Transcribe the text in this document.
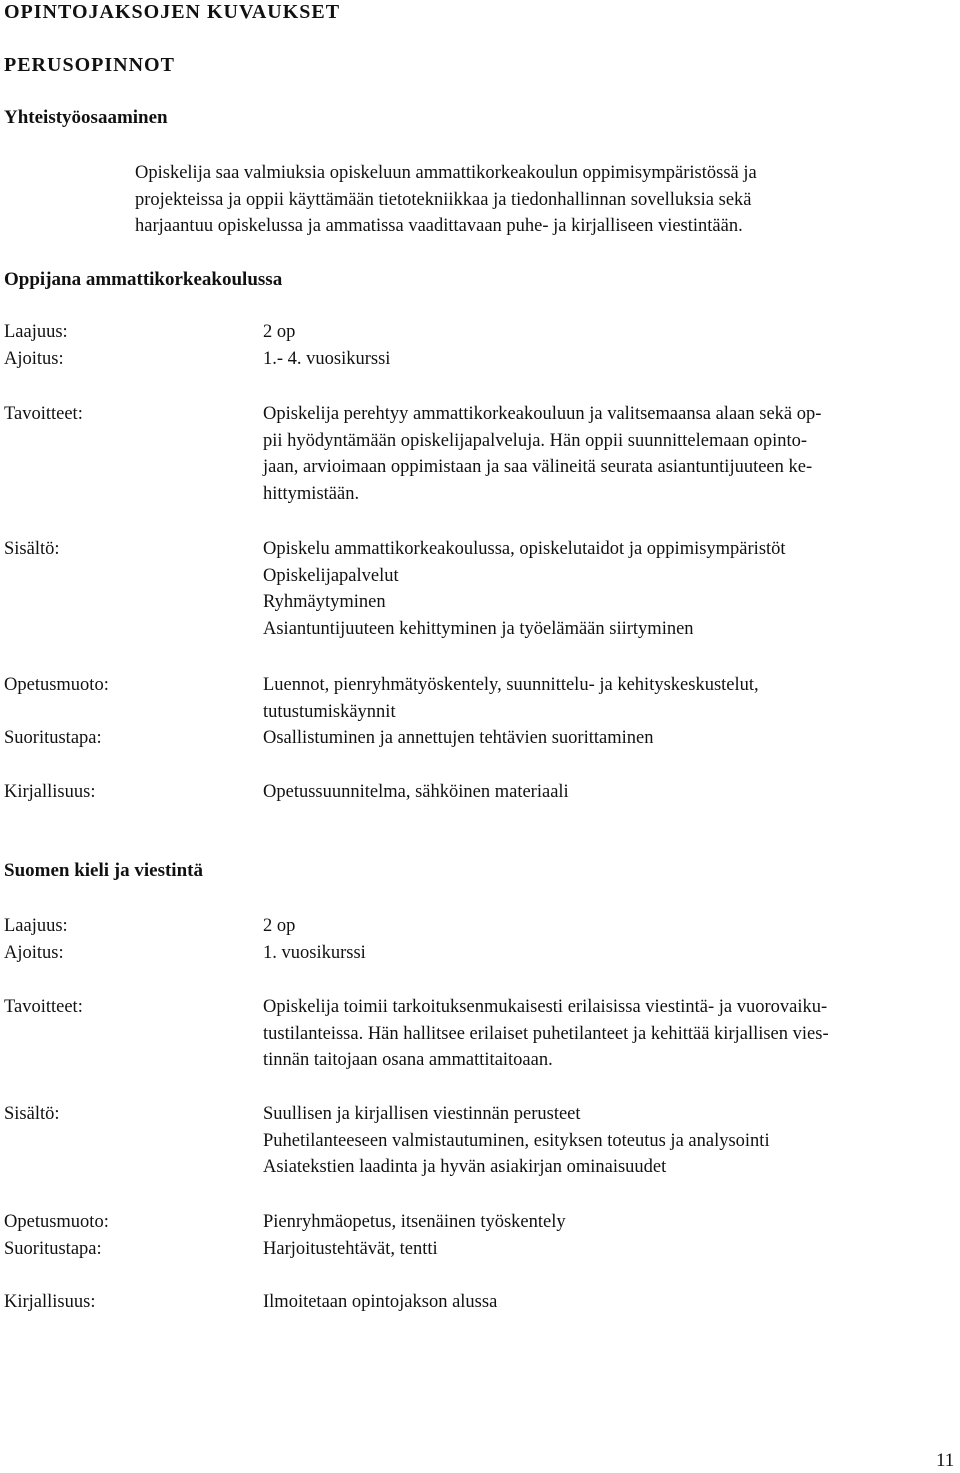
OPINTOJAKSOJEN KUVAUKSET
PERUSOPINNOT
Yhteistyöosaaminen
Opiskelija saa valmiuksia opiskeluun ammattikorkeakoulun oppimisympäristössä ja
projekteissa ja oppii käyttämään tietotekniikkaa ja tiedonhallinnan sovelluksia sekä
harjaantuu opiskelussa ja ammatissa vaadittavaan puhe- ja kirjalliseen viestintään.
Oppijana ammattikorkeakoulussa
Laajuus:	2 op
Ajoitus:	1.- 4. vuosikurssi
Tavoitteet:	Opiskelija perehtyy ammattikorkeakouluun ja valitsemaansa alaan sekä op-
pii hyödyntämään opiskelijapalveluja. Hän oppii suunnittelemaan opinto-
jaan, arvioimaan oppimistaan ja saa välineitä seurata asiantuntijuuteen ke-
hittymistään.
Sisältö:	Opiskelu ammattikorkeakoulussa, opiskelutaidot ja oppimisympäristöt
Opiskelijapalvelut
Ryhmäytyminen
Asiantuntijuuteen kehittyminen ja työelämään siirtyminen
Opetusmuoto:	Luennot, pienryhmätyöskentely, suunnittelu- ja kehityskeskustelut,
tutustumiskäynnit
Suoritustapa:	Osallistuminen ja annettujen tehtävien suorittaminen
Kirjallisuus:	Opetussuunnitelma, sähköinen materiaali
Suomen kieli ja viestintä
Laajuus:	2 op
Ajoitus:	1. vuosikurssi
Tavoitteet:	Opiskelija toimii tarkoituksenmukaisesti erilaisissa viestintä- ja vuorovaiku-
tustilanteissa. Hän hallitsee erilaiset puhetilanteet ja kehittää kirjallisen vies-
tinnän taitojaan osana ammattitaitoaan.
Sisältö:	Suullisen ja kirjallisen viestinnän perusteet
Puhetilanteeseen valmistautuminen, esityksen toteutus ja analysointi
Asiatekstien laadinta ja hyvän asiakirjan ominaisuudet
Opetusmuoto:	Pienryhmäopetus, itsenäinen työskentely
Suoritustapa:	Harjoitustehtävät, tentti
Kirjallisuus:	Ilmoitetaan opintojakson alussa
11
